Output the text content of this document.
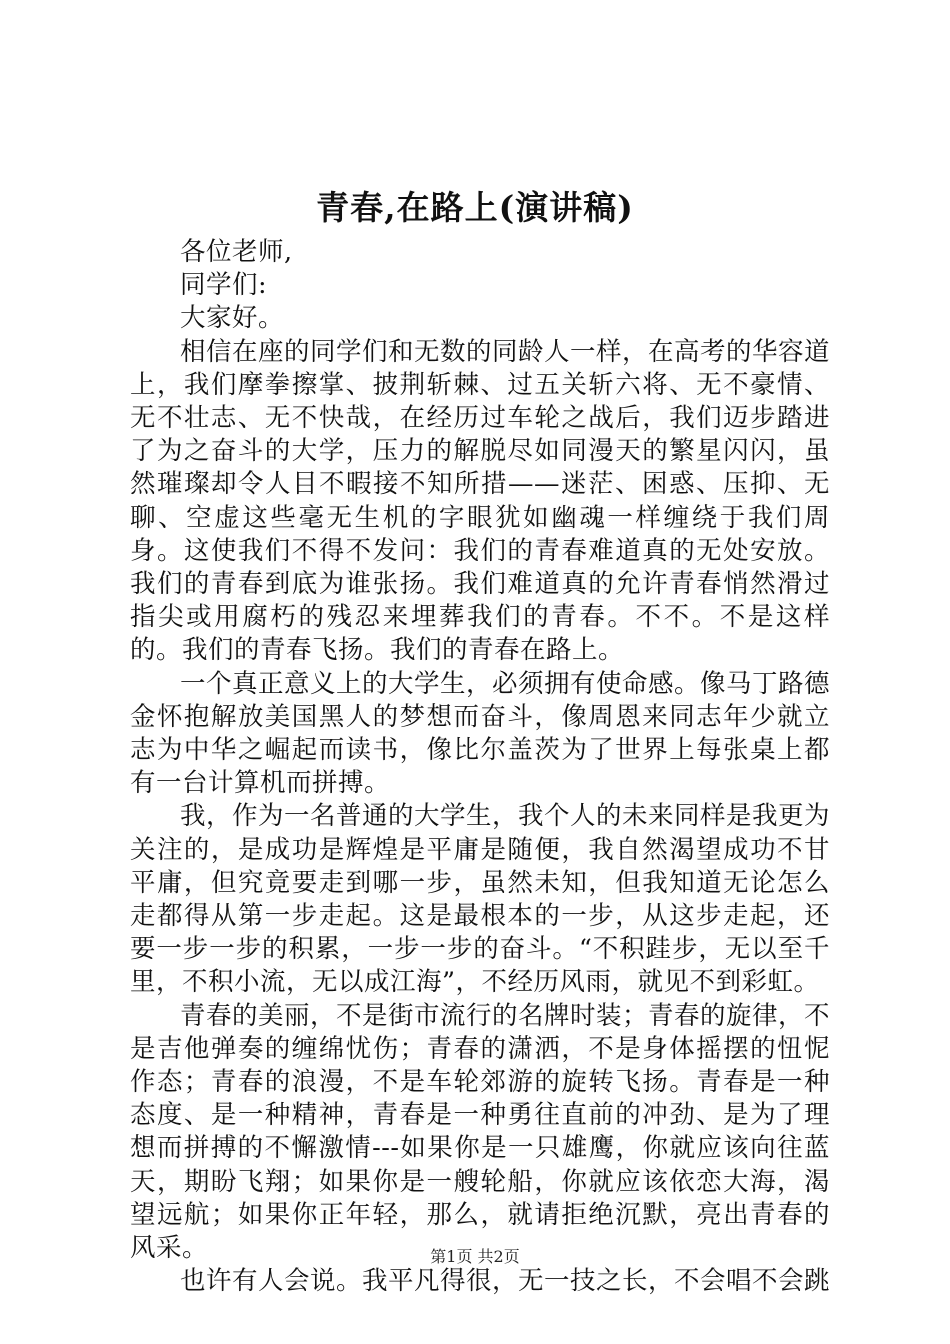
青春,在路上(演讲稿)

各位老师,

同学们:

大家好。

相信在座的同学们和无数的同龄人一样，在高考的华容道上，我们摩拳擦掌、披荆斩棘、过五关斩六将、无不豪情、无不壮志、无不快哉，在经历过车轮之战后，我们迈步踏进了为之奋斗的大学，压力的解脱尽如同漫天的繁星闪闪，虽然璀璨却令人目不暇接不知所措——迷茫、困惑、压抑、无聊、空虚这些毫无生机的字眼犹如幽魂一样缠绕于我们周身。这使我们不得不发问：我们的青春难道真的无处安放。我们的青春到底为谁张扬。我们难道真的允许青春悄然滑过指尖或用腐朽的残忍来埋葬我们的青春。不不。不是这样的。我们的青春飞扬。我们的青春在路上。

一个真正意义上的大学生，必须拥有使命感。像马丁路德金怀抱解放美国黑人的梦想而奋斗，像周恩来同志年少就立志为中华之崛起而读书，像比尔盖茨为了世界上每张桌上都有一台计算机而拼搏。

我，作为一名普通的大学生，我个人的未来同样是我更为关注的，是成功是辉煌是平庸是随便，我自然渴望成功不甘平庸，但究竟要走到哪一步，虽然未知，但我知道无论怎么走都得从第一步走起。这是最根本的一步，从这步走起，还要一步一步的积累，一步一步的奋斗。“不积跬步，无以至千里，不积小流，无以成江海”，不经历风雨，就见不到彩虹。

青春的美丽，不是街市流行的名牌时装；青春的旋律，不是吉他弹奏的缠绵忧伤；青春的潇洒，不是身体摇摆的忸怩作态；青春的浪漫，不是车轮郊游的旋转飞扬。青春是一种态度、是一种精神，青春是一种勇往直前的冲劲、是为了理想而拼搏的不懈激情---如果你是一只雄鹰，你就应该向往蓝天，期盼飞翔；如果你是一艘轮船，你就应该依恋大海，渴望远航；如果你正年轻，那么，就请拒绝沉默，亮出青春的风采。

也许有人会说。我平凡得很，无一技之长，不会唱不会跳

第1页 共2页
